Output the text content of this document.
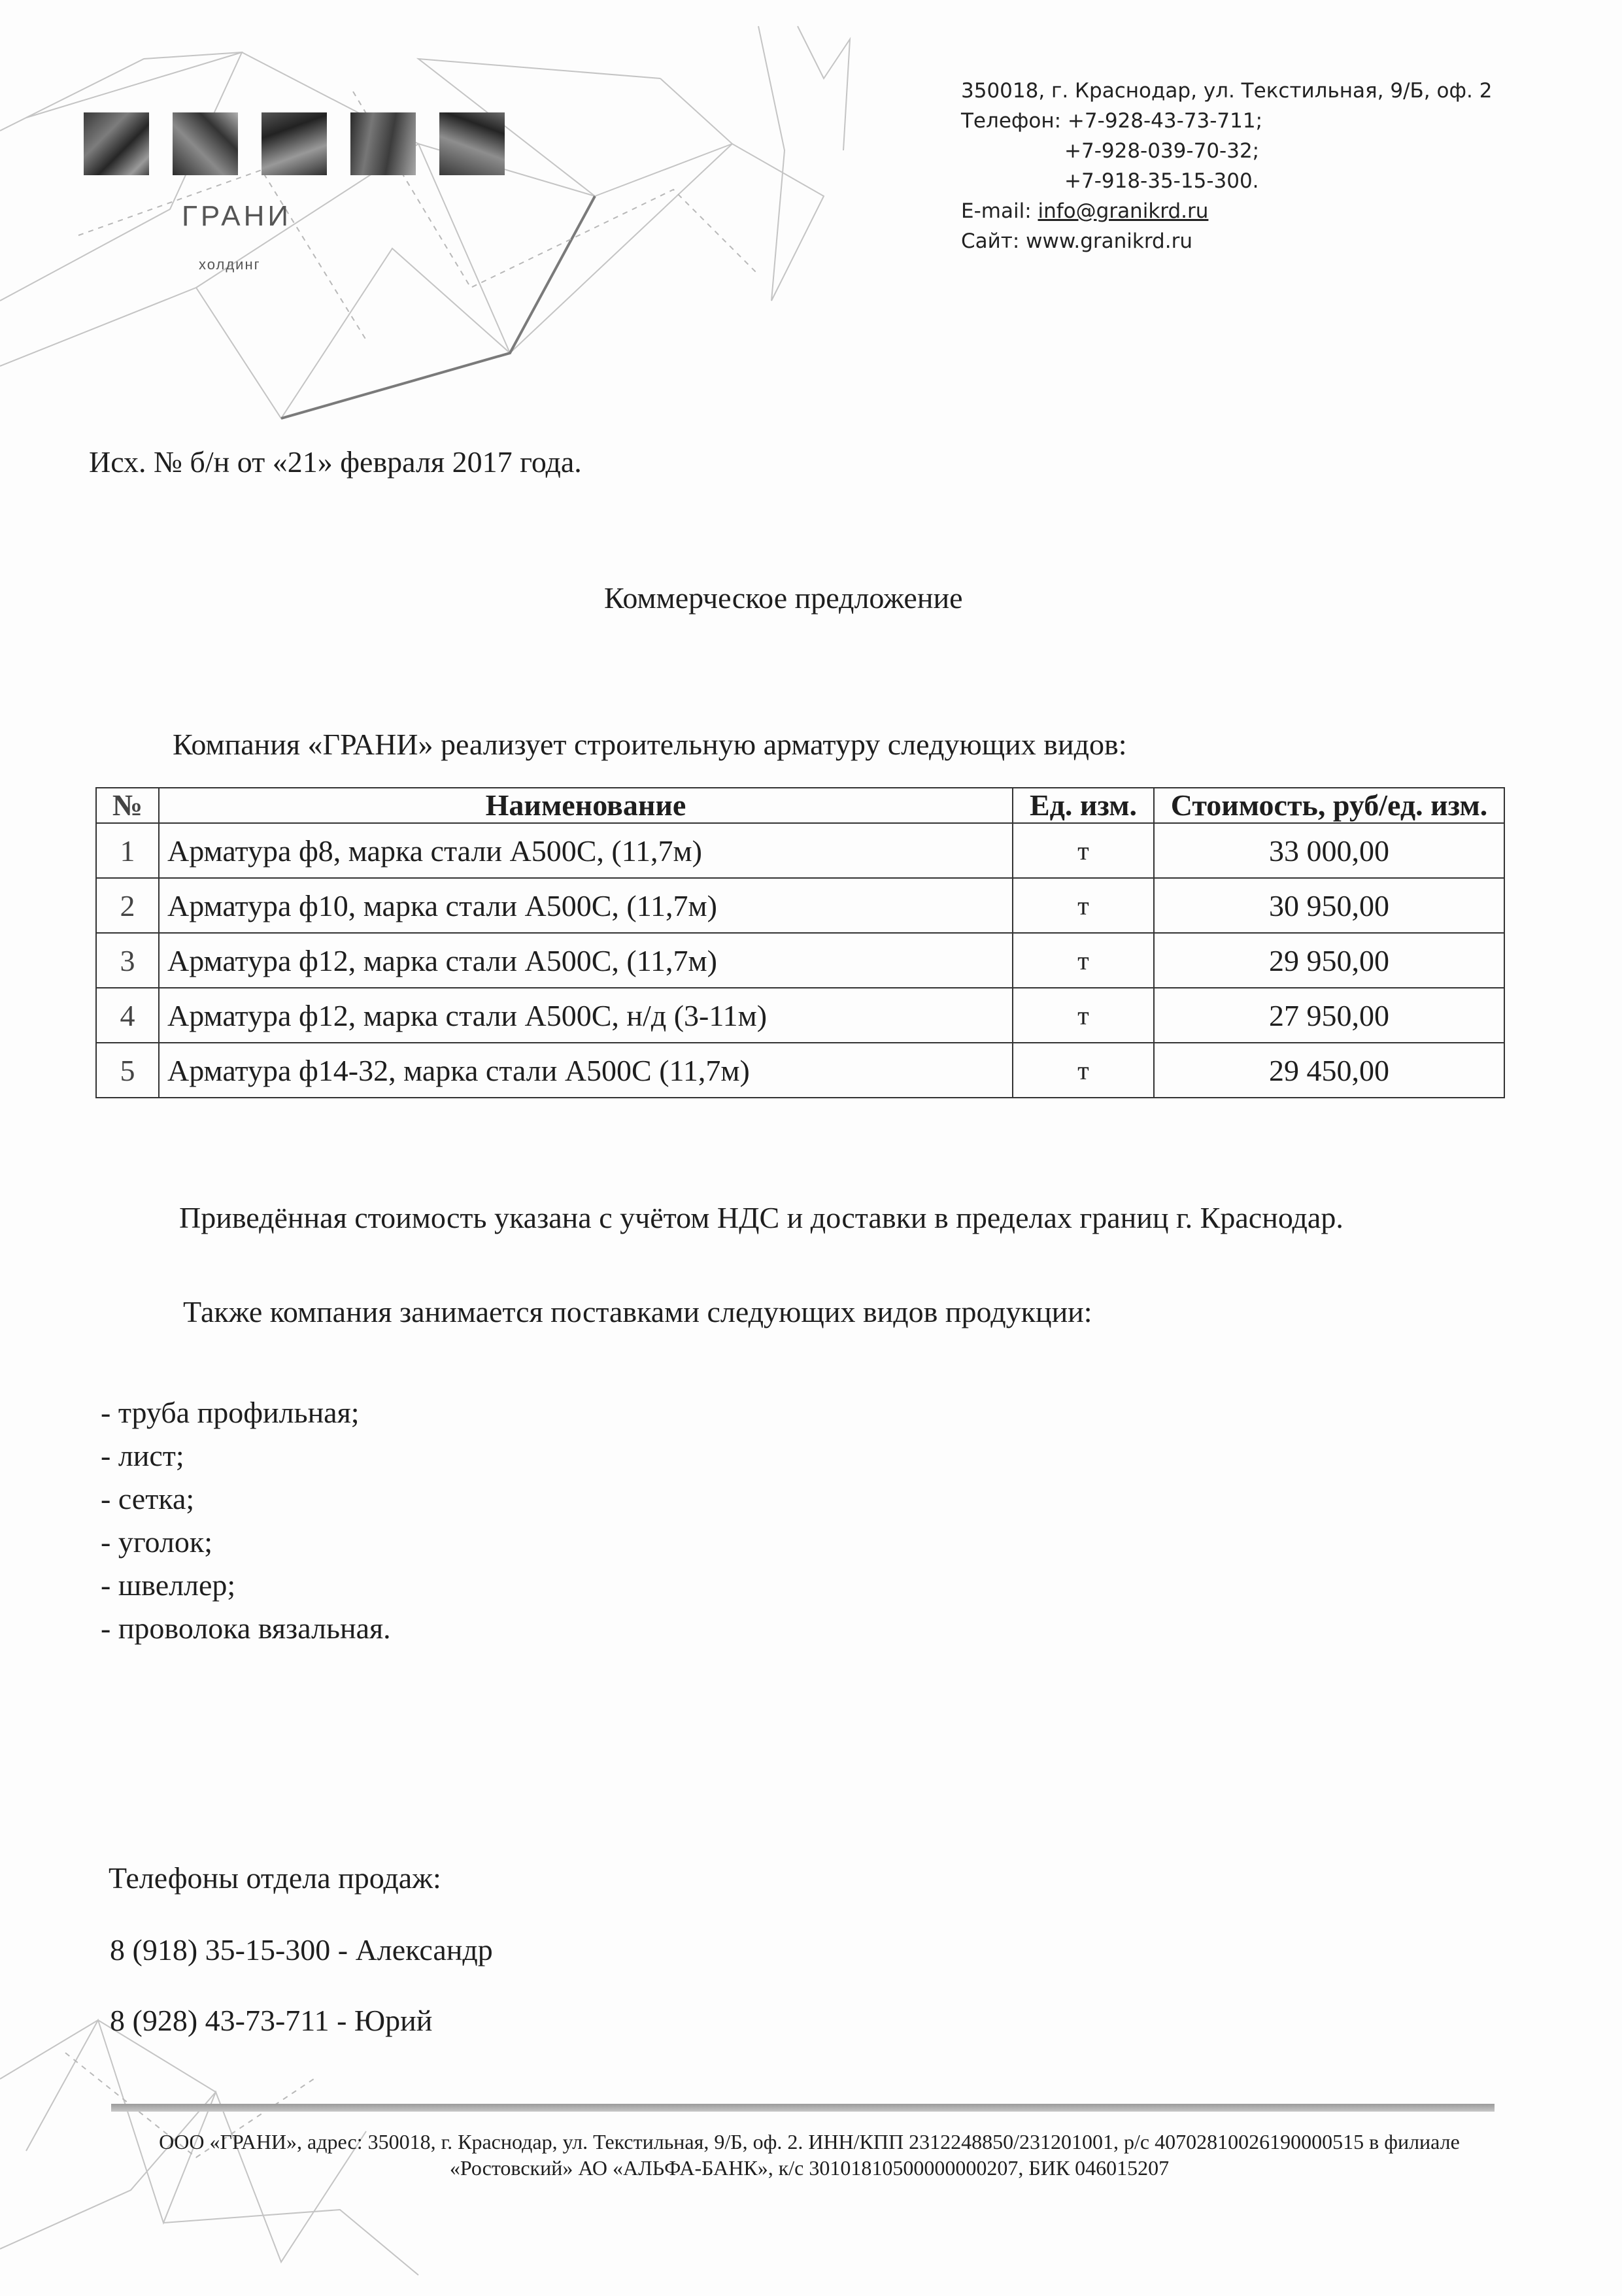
ГРАНИ
холдинг
350018, г. Краснодар, ул. Текстильная, 9/Б, оф. 2
Телефон: +7-928-43-73-711;
+7-928-039-70-32;
+7-918-35-15-300.
E-mail: info@granikrd.ru
Сайт: www.granikrd.ru
Исх. № б/н от «21» февраля 2017 года.
Коммерческое предложение
Компания «ГРАНИ» реализует строительную арматуру следующих видов:
№	Наименование	Ед. изм.	Стоимость, руб/ед. изм.
1	Арматура ф8, марка стали А500С, (11,7м)	т	33 000,00
2	Арматура ф10, марка стали А500С, (11,7м)	т	30 950,00
3	Арматура ф12, марка стали А500С, (11,7м)	т	29 950,00
4	Арматура ф12, марка стали А500С, н/д (3-11м)	т	27 950,00
5	Арматура ф14-32, марка стали А500С (11,7м)	т	29 450,00
Приведённая стоимость указана с учётом НДС и доставки в пределах границ г. Краснодар.
Также компания занимается поставками следующих видов продукции:
- труба профильная;
- лист;
- сетка;
- уголок;
- швеллер;
- проволока вязальная.
Телефоны отдела продаж:
8 (918) 35-15-300 - Александр
8 (928) 43-73-711 - Юрий
ООО «ГРАНИ», адрес: 350018, г. Краснодар, ул. Текстильная, 9/Б, оф. 2. ИНН/КПП 2312248850/231201001, р/с 40702810026190000515 в филиале
«Ростовский» АО «АЛЬФА-БАНК», к/с 30101810500000000207, БИК 046015207
